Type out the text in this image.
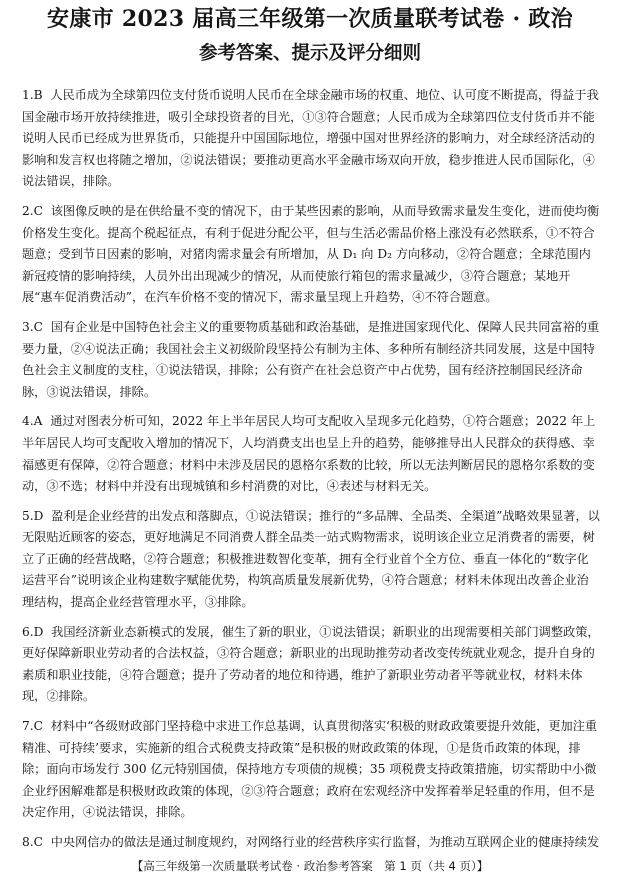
安康市 2023 届高三年级第一次质量联考试卷 · 政治
参考答案、提示及评分细则

1.B 人民币成为全球第四位支付货币说明人民币在全球金融市场的权重、地位、认可度不断提高，得益于我国金融市场开放持续推进，吸引全球投资者的目光，①③符合题意；人民币成为全球第四位支付货币并不能说明人民币已经成为世界货币，只能提升中国国际地位，增强中国对世界经济的影响力，对全球经济活动的影响和发言权也将随之增加，②说法错误；要推动更高水平金融市场双向开放，稳步推进人民币国际化，④说法错误，排除。

2.C 该图像反映的是在供给量不变的情况下，由于某些因素的影响，从而导致需求量发生变化，进而使均衡价格发生变化。提高个税起征点，有利于促进分配公平，但与生活必需品价格上涨没有必然联系，①不符合题意；受到节日因素的影响，对猪肉需求量会有所增加，从 D₁ 向 D₂ 方向移动，②符合题意；全球范围内新冠疫情的影响持续，人员外出出现减少的情况，从而使旅行箱包的需求量减少，③符合题意；某地开展“惠车促消费活动”，在汽车价格不变的情况下，需求量呈现上升趋势，④不符合题意。

3.C 国有企业是中国特色社会主义的重要物质基础和政治基础，是推进国家现代化、保障人民共同富裕的重要力量，②④说法正确；我国社会主义初级阶段坚持公有制为主体、多种所有制经济共同发展，这是中国特色社会主义制度的支柱，①说法错误，排除；公有资产在社会总资产中占优势，国有经济控制国民经济命脉，③说法错误，排除。

4.A 通过对图表分析可知，2022 年上半年居民人均可支配收入呈现多元化趋势，①符合题意；2022 年上半年居民人均可支配收入增加的情况下，人均消费支出也呈上升的趋势，能够推导出人民群众的获得感、幸福感更有保障，②符合题意；材料中未涉及居民的恩格尔系数的比较，所以无法判断居民的恩格尔系数的变动，③不选；材料中并没有出现城镇和乡村消费的对比，④表述与材料无关。

5.D 盈利是企业经营的出发点和落脚点，①说法错误；推行的“多品牌、全品类、全渠道”战略效果显著，以无限贴近顾客的姿态，更好地满足不同消费人群全品类一站式购物需求，说明该企业立足消费者的需要，树立了正确的经营战略，②符合题意；积极推进数智化变革，拥有全行业首个全方位、垂直一体化的“数字化运营平台”说明该企业构建数字赋能优势，构筑高质量发展新优势，④符合题意；材料未体现出改善企业治理结构，提高企业经营管理水平，③排除。

6.D 我国经济新业态新模式的发展，催生了新的职业，①说法错误；新职业的出现需要相关部门调整政策，更好保障新职业劳动者的合法权益，③符合题意；新职业的出现助推劳动者改变传统就业观念，提升自身的素质和职业技能，④符合题意；提升了劳动者的地位和待遇，维护了新职业劳动者平等就业权，材料未体现，②排除。

7.C 材料中“各级财政部门坚持稳中求进工作总基调，认真贯彻落实‘积极的财政政策要提升效能，更加注重精准、可持续’要求，实施新的组合式税费支持政策”是积极的财政政策的体现，①是货币政策的体现，排除；面向市场发行 300 亿元特别国债，保持地方专项债的规模；35 项税费支持政策措施，切实帮助中小微企业纾困解难都是积极财政政策的体现，②③符合题意；政府在宏观经济中发挥着举足轻重的作用，但不是决定作用，④说法错误，排除。

8.C 中央网信办的做法是通过制度规约，对网络行业的经营秩序实行监督，为推动互联网企业的健康持续发

【高三年级第一次质量联考试卷 · 政治参考答案　第 1 页（共 4 页）】
